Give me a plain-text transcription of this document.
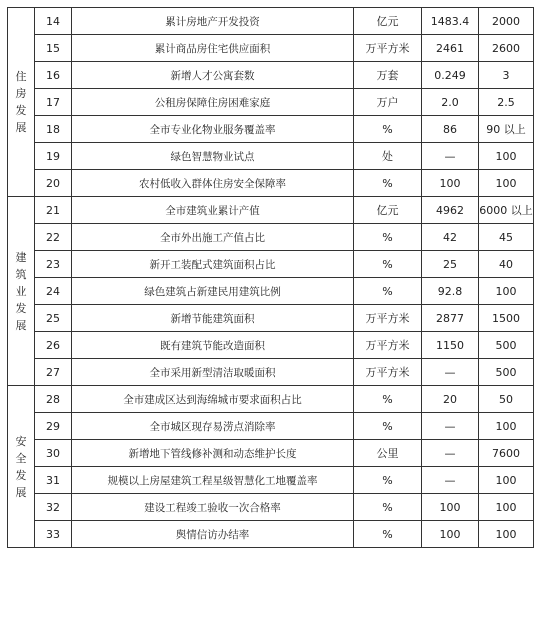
住房发展	14	累计房地产开发投资	亿元	1483.4	2000
	15	累计商品房住宅供应面积	万平方米	2461	2600
	16	新增人才公寓套数	万套	0.249	3
	17	公租房保障住房困难家庭	万户	2.0	2.5
	18	全市专业化物业服务覆盖率	%	86	90 以上
	19	绿色智慧物业试点	处	—	100
	20	农村低收入群体住房安全保障率	%	100	100
建筑业发展	21	全市建筑业累计产值	亿元	4962	6000 以上
	22	全市外出施工产值占比	%	42	45
	23	新开工装配式建筑面积占比	%	25	40
	24	绿色建筑占新建民用建筑比例	%	92.8	100
	25	新增节能建筑面积	万平方米	2877	1500
	26	既有建筑节能改造面积	万平方米	1150	500
	27	全市采用新型清洁取暖面积	万平方米	—	500
安全发展	28	全市建成区达到海绵城市要求面积占比	%	20	50
	29	全市城区现存易涝点消除率	%	—	100
	30	新增地下管线修补测和动态维护长度	公里	—	7600
	31	规模以上房屋建筑工程星级智慧化工地覆盖率	%	—	100
	32	建设工程竣工验收一次合格率	%	100	100
	33	舆情信访办结率	%	100	100
